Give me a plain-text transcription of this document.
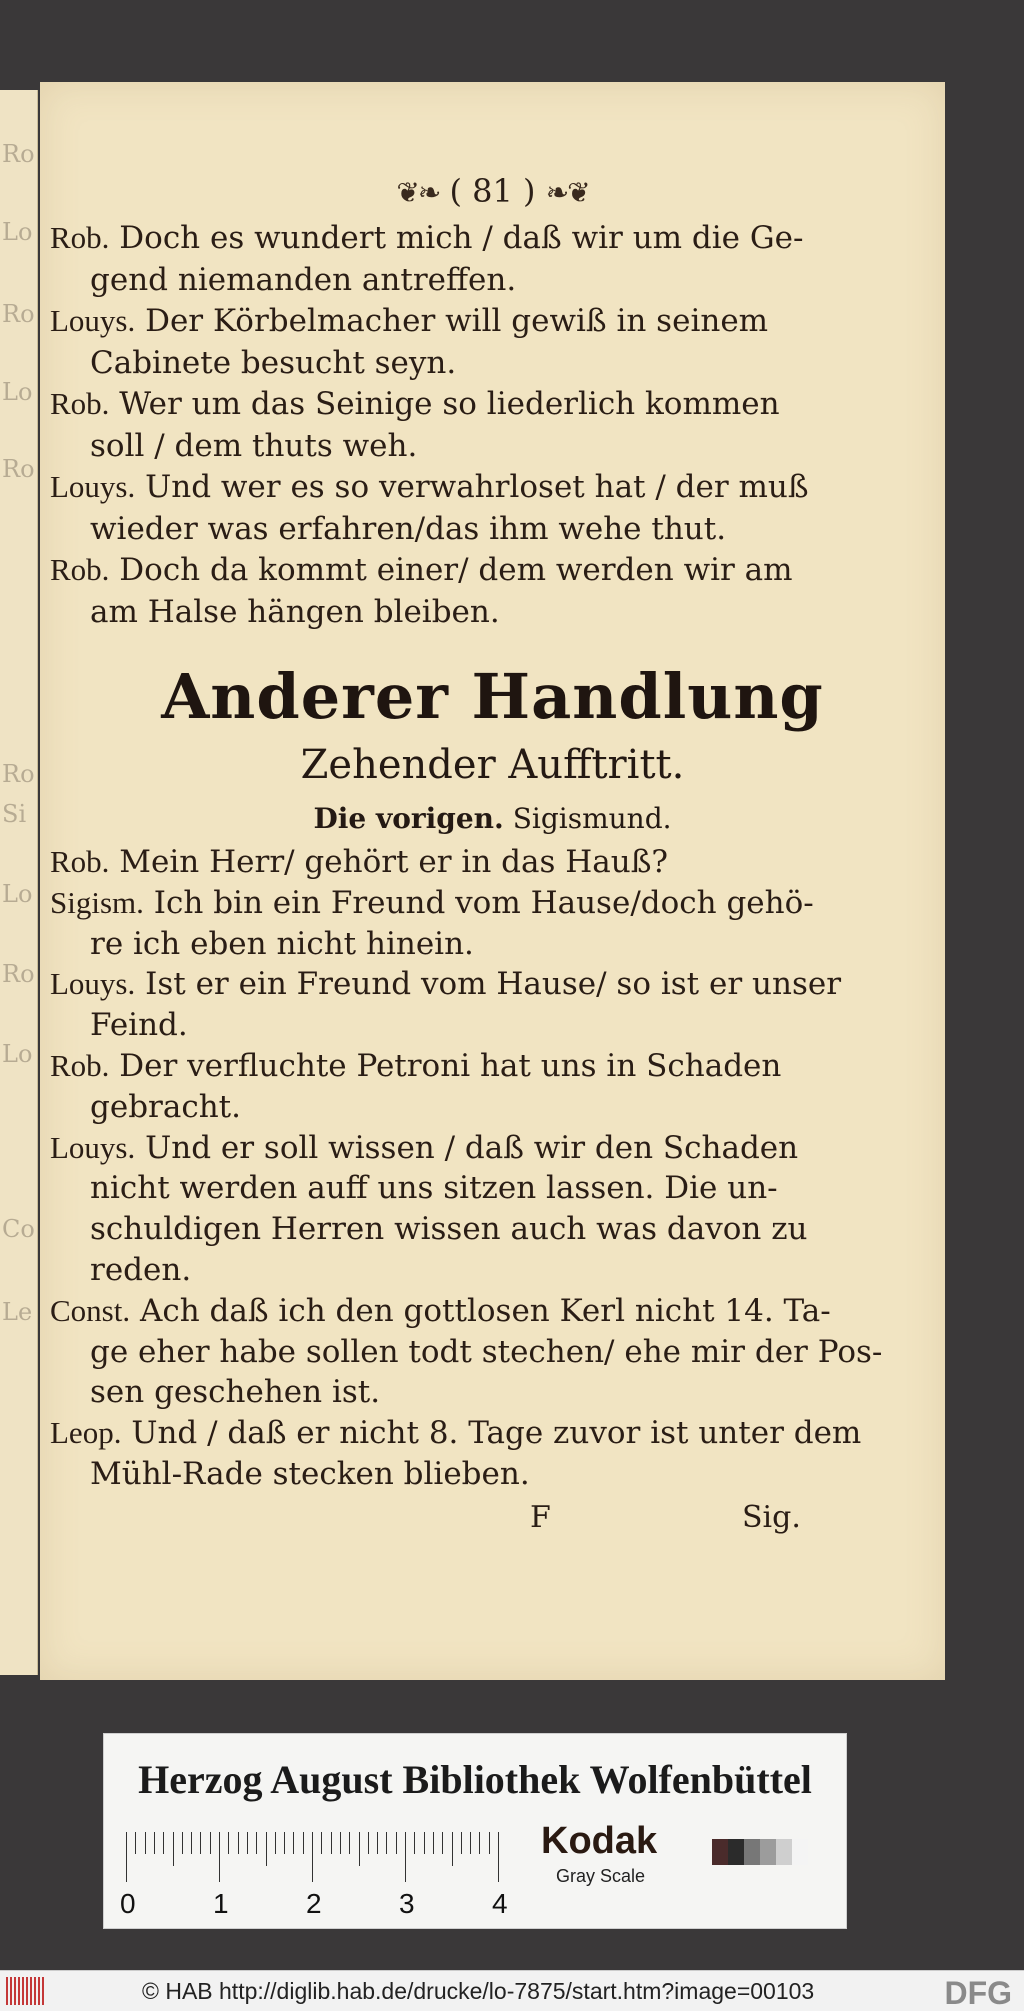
Ro
Lo
Ro
Lo
Ro
Ro
Si
Lo
Ro
Lo
Co
Le
❦❧ ( 81 ) ❧❦
Rob. Doch es wundert mich / daß wir um die Ge-
gend niemanden antreffen.
Louys. Der Körbelmacher will gewiß in seinem
Cabinete besucht seyn.
Rob. Wer um das Seinige so liederlich kommen
soll / dem thuts weh.
Louys. Und wer es so verwahrloset hat / der muß
wieder was erfahren/das ihm wehe thut.
Rob. Doch da kommt einer/ dem werden wir am
am Halse hängen bleiben.
Anderer Handlung
Zehender Aufftritt.
Die vorigen. Sigismund.
Rob. Mein Herr/ gehört er in das Hauß?
Sigism. Ich bin ein Freund vom Hause/doch gehö-
re ich eben nicht hinein.
Louys. Ist er ein Freund vom Hause/ so ist er unser
Feind.
Rob. Der verfluchte Petroni hat uns in Schaden
gebracht.
Louys. Und er soll wissen / daß wir den Schaden
nicht werden auff uns sitzen lassen. Die un-
schuldigen Herren wissen auch was davon zu
reden.
Const. Ach daß ich den gottlosen Kerl nicht 14. Ta-
ge eher habe sollen todt stechen/ ehe mir der Pos-
sen geschehen ist.
Leop. Und / daß er nicht 8. Tage zuvor ist unter dem
Mühl-Rade stecken blieben.
F	Sig.
Herzog August Bibliothek Wolfenbüttel
0	1	2	3	4
Kodak
Gray Scale
© HAB http://diglib.hab.de/drucke/lo-7875/start.htm?image=00103	DFG
